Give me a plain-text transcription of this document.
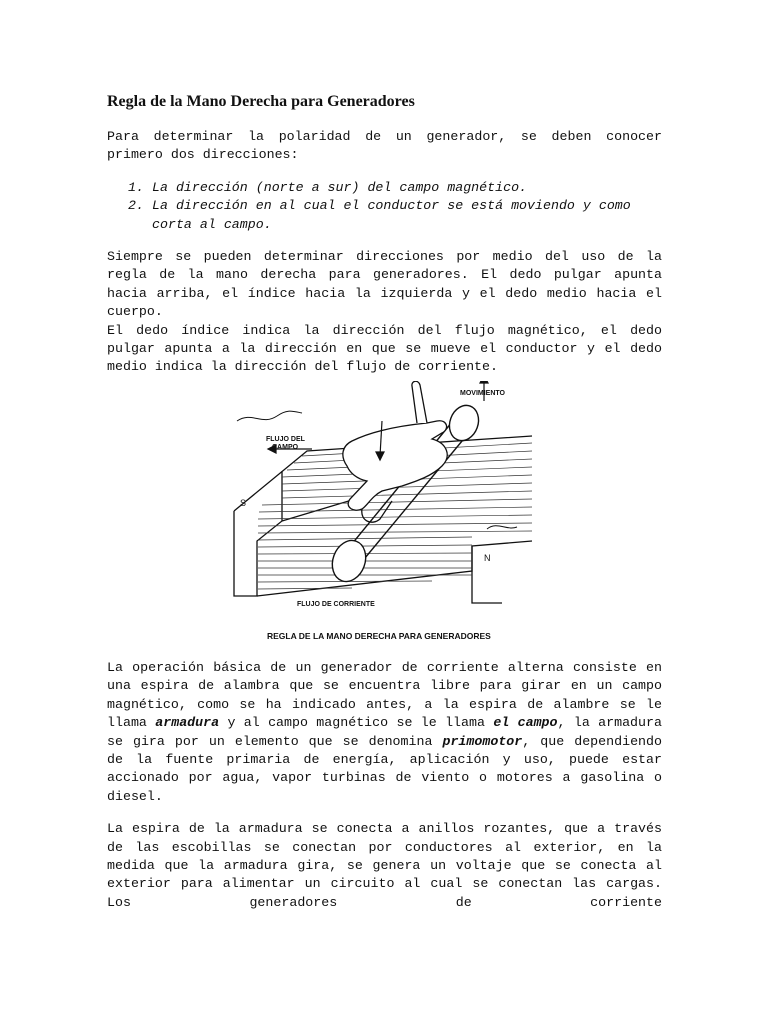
Regla de la Mano Derecha para Generadores

Para determinar la polaridad de un generador, se deben conocer primero dos direcciones:

1. La dirección (norte a sur) del campo magnético.
2. La dirección en al cual el conductor se está moviendo y como corta al campo.

Siempre se pueden determinar direcciones por medio del uso de la regla de la mano derecha para generadores. El dedo pulgar apunta hacia arriba, el índice hacia la izquierda y el dedo medio hacia el cuerpo.

El dedo índice indica la dirección del flujo magnético, el dedo pulgar apunta a la dirección en que se mueve el conductor y el dedo medio indica la dirección del flujo de corriente.

MOVIMIENTO
FLUJO DEL
CAMPO
S
N
FLUJO DE CORRIENTE
REGLA DE LA MANO DERECHA PARA GENERADORES

La operación básica de un generador de corriente alterna consiste en una espira de alambra que se encuentra libre para girar en un campo magnético, como se ha indicado antes, a la espira de alambre se le llama armadura y al campo magnético se le llama el campo, la armadura se gira por un elemento que se denomina primomotor, que dependiendo de la fuente primaria de energía, aplicación y uso, puede estar accionado por agua, vapor turbinas de viento o motores a gasolina o diesel.

La espira de la armadura se conecta a anillos rozantes, que a través de las escobillas se conectan por conductores al exterior, en la medida que la armadura gira, se genera un voltaje que se conecta al exterior para alimentar un circuito al cual se conectan las cargas. Los generadores de corriente
